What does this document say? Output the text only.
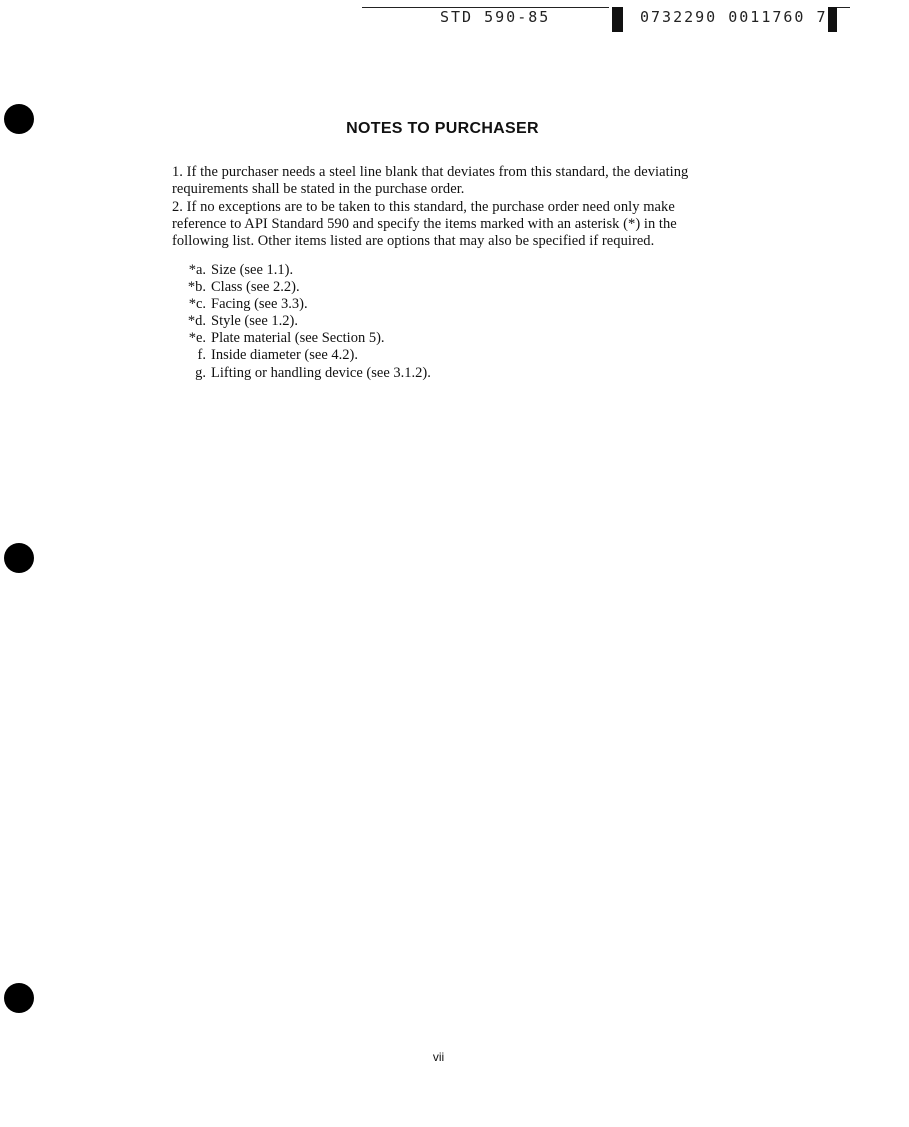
STD 590-85	0732290 0011760 7
NOTES TO PURCHASER

1. If the purchaser needs a steel line blank that deviates from this standard, the deviating requirements shall be stated in the purchase order.

2. If no exceptions are to be taken to this standard, the purchase order need only make reference to API Standard 590 and specify the items marked with an asterisk (*) in the following list. Other items listed are options that may also be specified if required.

*a. Size (see 1.1).
*b. Class (see 2.2).
*c. Facing (see 3.3).
*d. Style (see 1.2).
*e. Plate material (see Section 5).
f. Inside diameter (see 4.2).
g. Lifting or handling device (see 3.1.2).
vii
